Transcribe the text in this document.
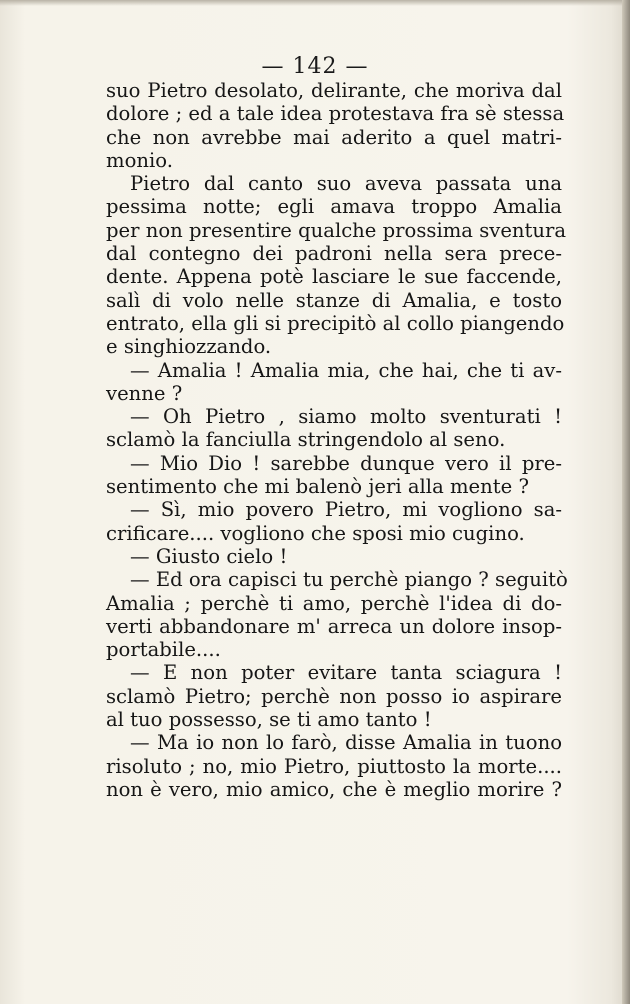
— 142 —
suo Pietro desolato, delirante, che moriva dal
dolore ; ed a tale idea protestava fra sè stessa
che non avrebbe mai aderito a quel matri-
monio.
Pietro dal canto suo aveva passata una
pessima notte; egli amava troppo Amalia
per non presentire qualche prossima sventura
dal contegno dei padroni nella sera prece-
dente. Appena potè lasciare le sue faccende,
salì di volo nelle stanze di Amalia, e tosto
entrato, ella gli si precipitò al collo piangendo
e singhiozzando.
— Amalia ! Amalia mia, che hai, che ti av-
venne ?
— Oh Pietro , siamo molto sventurati !
sclamò la fanciulla stringendolo al seno.
— Mio Dio ! sarebbe dunque vero il pre-
sentimento che mi balenò jeri alla mente ?
— Sì, mio povero Pietro, mi vogliono sa-
crificare.... vogliono che sposi mio cugino.
— Giusto cielo !
— Ed ora capisci tu perchè piango ? seguitò
Amalia ; perchè ti amo, perchè l'idea di do-
verti abbandonare m' arreca un dolore insop-
portabile....
— E non poter evitare tanta sciagura !
sclamò Pietro; perchè non posso io aspirare
al tuo possesso, se ti amo tanto !
— Ma io non lo farò, disse Amalia in tuono
risoluto ; no, mio Pietro, piuttosto la morte....
non è vero, mio amico, che è meglio morire ?
